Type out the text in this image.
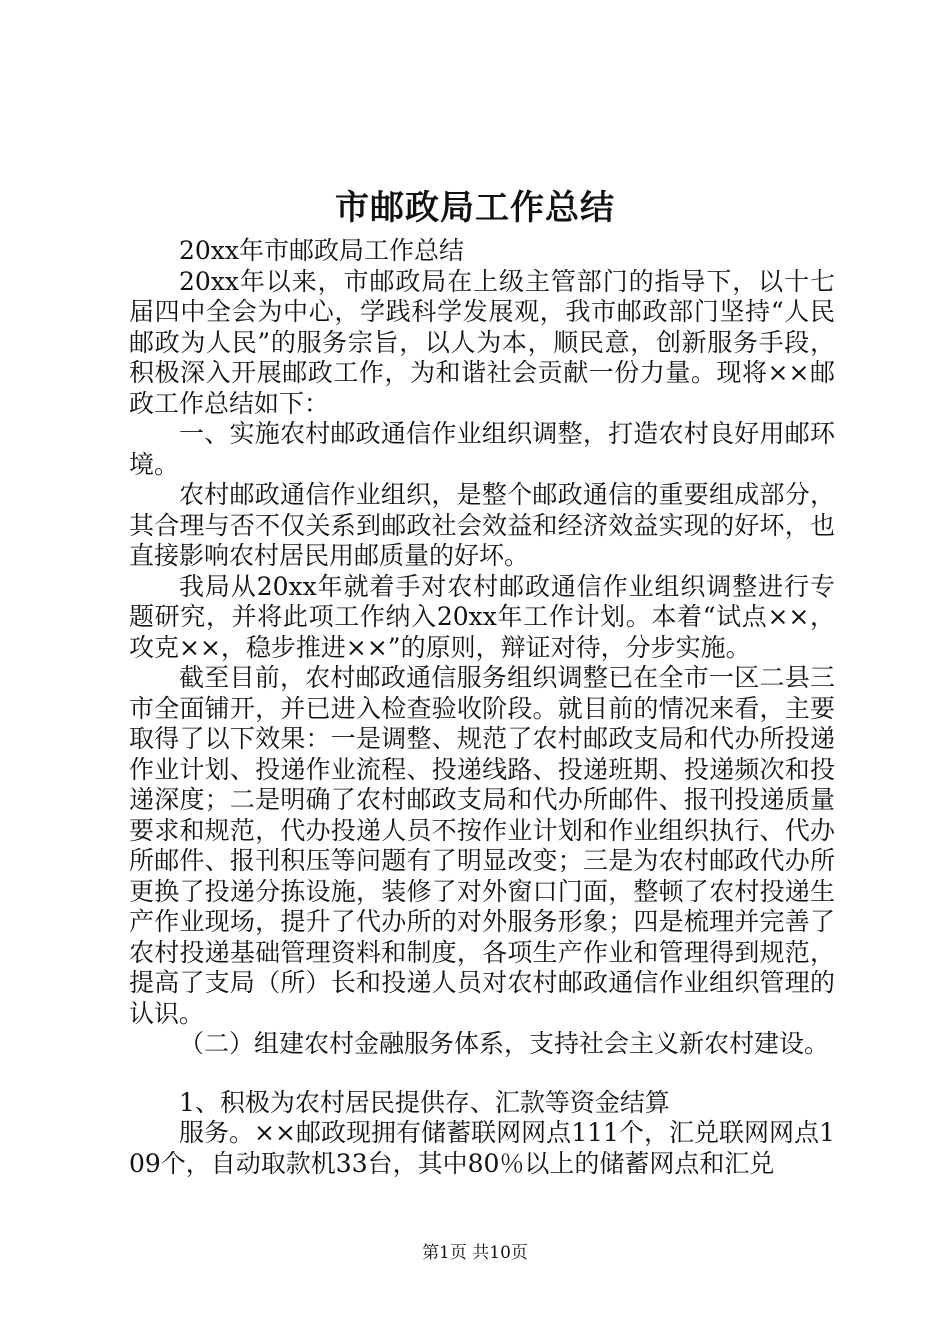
市邮政局工作总结

20xx年市邮政局工作总结

20xx年以来，市邮政局在上级主管部门的指导下，以十七届四中全会为中心，学践科学发展观，我市邮政部门坚持“人民邮政为人民”的服务宗旨，以人为本，顺民意，创新服务手段，积极深入开展邮政工作，为和谐社会贡献一份力量。现将××邮政工作总结如下：

一、实施农村邮政通信作业组织调整，打造农村良好用邮环境。

农村邮政通信作业组织，是整个邮政通信的重要组成部分，其合理与否不仅关系到邮政社会效益和经济效益实现的好坏，也直接影响农村居民用邮质量的好坏。

我局从20xx年就着手对农村邮政通信作业组织调整进行专题研究，并将此项工作纳入20xx年工作计划。本着“试点××，攻克××，稳步推进××”的原则，辩证对待，分步实施。

截至目前，农村邮政通信服务组织调整已在全市一区二县三市全面铺开，并已进入检查验收阶段。就目前的情况来看，主要取得了以下效果：一是调整、规范了农村邮政支局和代办所投递作业计划、投递作业流程、投递线路、投递班期、投递频次和投递深度；二是明确了农村邮政支局和代办所邮件、报刊投递质量要求和规范，代办投递人员不按作业计划和作业组织执行、代办所邮件、报刊积压等问题有了明显改变；三是为农村邮政代办所更换了投递分拣设施，装修了对外窗口门面，整顿了农村投递生产作业现场，提升了代办所的对外服务形象；四是梳理并完善了农村投递基础管理资料和制度，各项生产作业和管理得到规范，提高了支局（所）长和投递人员对农村邮政通信作业组织管理的认识。

（二）组建农村金融服务体系，支持社会主义新农村建设。

1、积极为农村居民提供存、汇款等资金结算

服务。××邮政现拥有储蓄联网网点111个，汇兑联网网点109个，自动取款机33台，其中80％以上的储蓄网点和汇兑

第1页 共10页
